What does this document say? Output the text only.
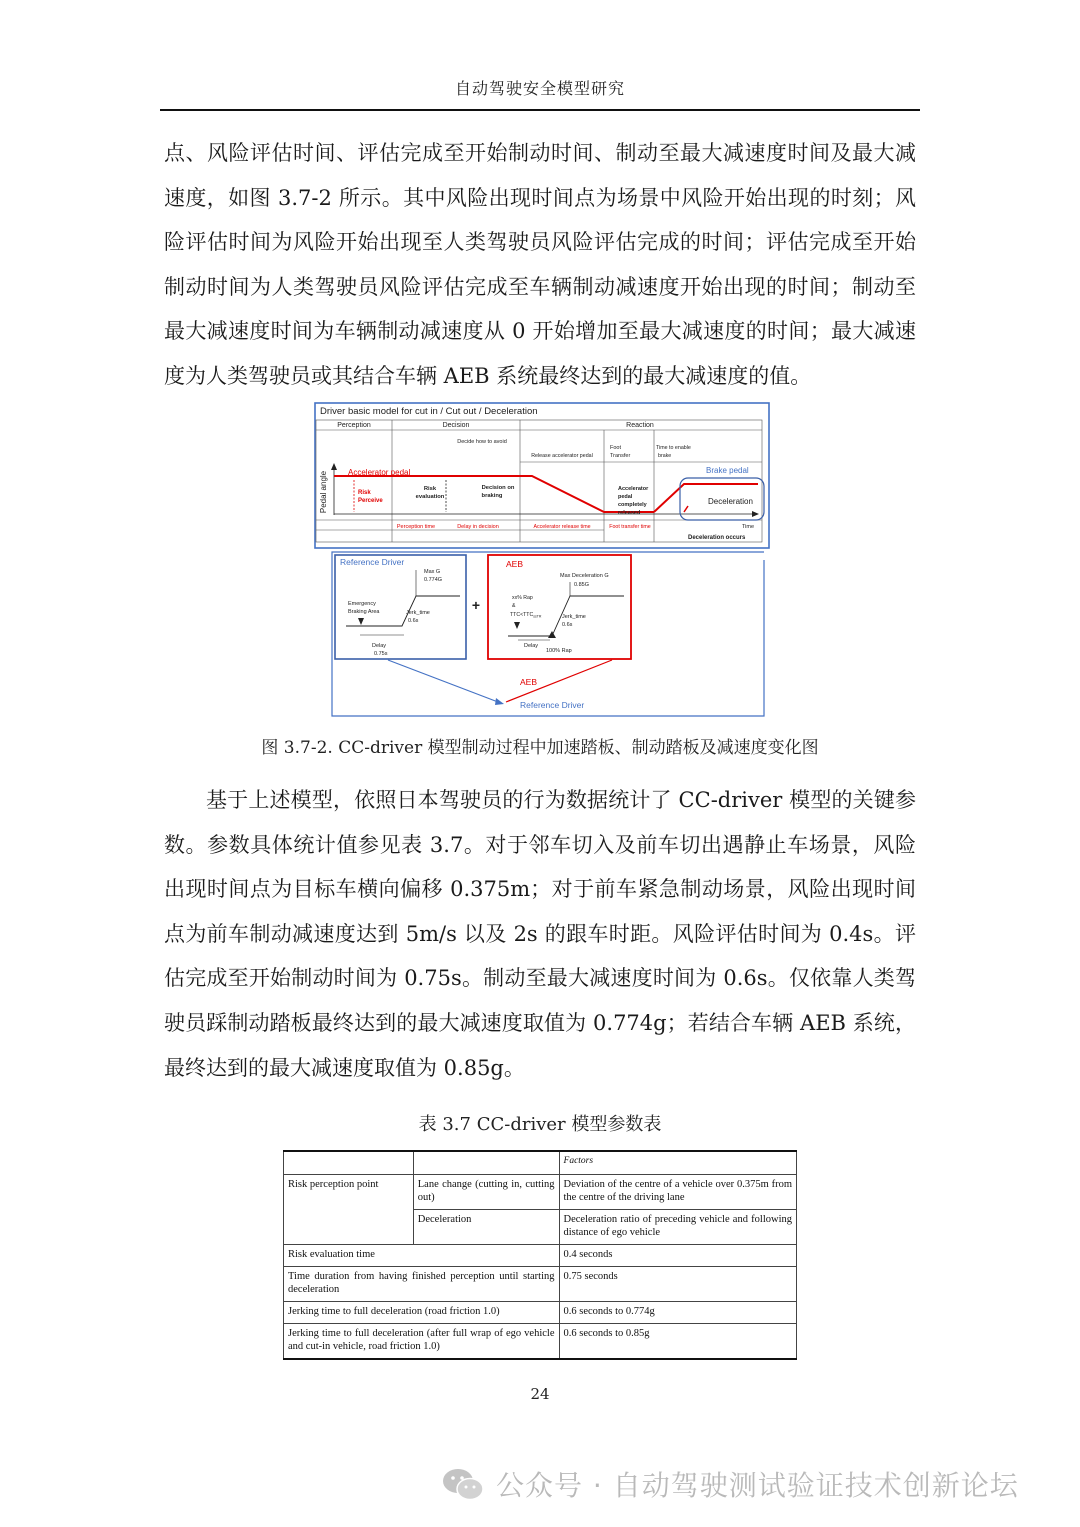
自动驾驶安全模型研究

点、风险评估时间、评估完成至开始制动时间、制动至最大减速度时间及最大减速度，如图 3.7-2 所示。其中风险出现时间点为场景中风险开始出现的时刻；风险评估时间为风险开始出现至人类驾驶员风险评估完成的时间；评估完成至开始制动时间为人类驾驶员风险评估完成至车辆制动减速度开始出现的时间；制动至最大减速度时间为车辆制动减速度从 0 开始增加至最大减速度的时间；最大减速度为人类驾驶员或其结合车辆 AEB 系统最终达到的最大减速度的值。

Driver basic model for cut in / Cut out / Deceleration
Perception	Decision	Reaction
Decide how to avoid
Release accelerator pedal
Foot
Transfer
Time to enable
brake
Pedal angle	Accelerator pedal	Brake pedal
Risk
Perceive
Risk
evaluation
Decision on
braking
Accelerator
pedal
completely
released
Deceleration
Time
Deceleration occurs
Perception time	Delay in decision	Accelerator release time	Foot transfer time
Reference Driver
Max G
0.774G
Emergency
Braking Area	Jerk_time
0.6s
Delay
0.75s
+
AEB
Max Deceleration G
0.85G
xx% Rap
&
$TTC<TTC_{ssTR}$	Jerk_time
0.6s
Delay
100% Rap
AEB
Reference Driver
图 3.7-2. CC-driver 模型制动过程中加速踏板、制动踏板及减速度变化图

基于上述模型，依照日本驾驶员的行为数据统计了 CC-driver 模型的关键参数。参数具体统计值参见表 3.7。对于邻车切入及前车切出遇静止车场景，风险出现时间点为目标车横向偏移 0.375m；对于前车紧急制动场景，风险出现时间点为前车制动减速度达到 5m/s 以及 2s 的跟车时距。风险评估时间为 0.4s。评估完成至开始制动时间为 0.75s。制动至最大减速度时间为 0.6s。仅依靠人类驾驶员踩制动踏板最终达到的最大减速度取值为 0.774g；若结合车辆 AEB 系统，最终达到的最大减速度取值为 0.85g。

表 3.7 CC-driver 模型参数表
		Factors
Risk perception point	Lane change (cutting in, cutting out)	Deviation of the centre of a vehicle over 0.375m from the centre of the driving lane
	Deceleration	Deceleration ratio of preceding vehicle and following distance of ego vehicle
Risk evaluation time		0.4 seconds
Time duration from having finished perception until starting deceleration		0.75 seconds
Jerking time to full deceleration (road friction 1.0)		0.6 seconds to 0.774g
Jerking time to full deceleration (after full wrap of ego vehicle and cut-in vehicle, road friction 1.0)		0.6 seconds to 0.85g
24
公众号 · 自动驾驶测试验证技术创新论坛
